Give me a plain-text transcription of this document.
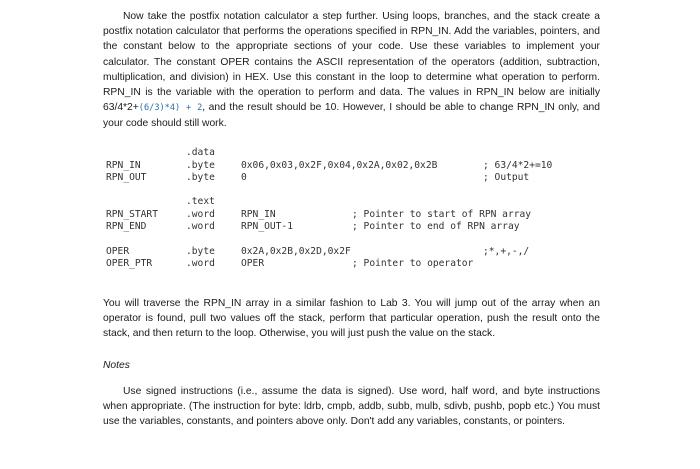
Now take the postfix notation calculator a step further. Using loops, branches, and the stack create a postfix notation calculator that performs the operations specified in RPN_IN. Add the variables, pointers, and the constant below to the appropriate sections of your code. Use these variables to implement your calculator. The constant OPER contains the ASCII representation of the operators (addition, subtraction, multiplication, and division) in HEX. Use this constant in the loop to determine what operation to perform. RPN_IN is the variable with the operation to perform and data. The values in RPN_IN below are initially 63/4*2+(6/3)*4) + 2, and the result should be 10. However, I should be able to change RPN_IN only, and your code should still work.

.data
RPN_IN	.byte	0x06,0x03,0x2F,0x04,0x2A,0x02,0x2B	; 63/4*2+=10
RPN_OUT	.byte	0	; Output
.text
RPN_START	.word	RPN_IN	; Pointer to start of RPN array
RPN_END	.word	RPN_OUT-1	; Pointer to end of RPN array
OPER	.byte	0x2A,0x2B,0x2D,0x2F	;*,+,-,/
OPER_PTR	.word	OPER	; Pointer to operator

You will traverse the RPN_IN array in a similar fashion to Lab 3. You will jump out of the array when an operator is found, pull two values off the stack, perform that particular operation, push the result onto the stack, and then return to the loop. Otherwise, you will just push the value on the stack.

Notes

Use signed instructions (i.e., assume the data is signed). Use word, half word, and byte instructions when appropriate. (The instruction for byte: ldrb, cmpb, addb, subb, mulb, sdivb, pushb, popb etc.) You must use the variables, constants, and pointers above only. Don't add any variables, constants, or pointers.
